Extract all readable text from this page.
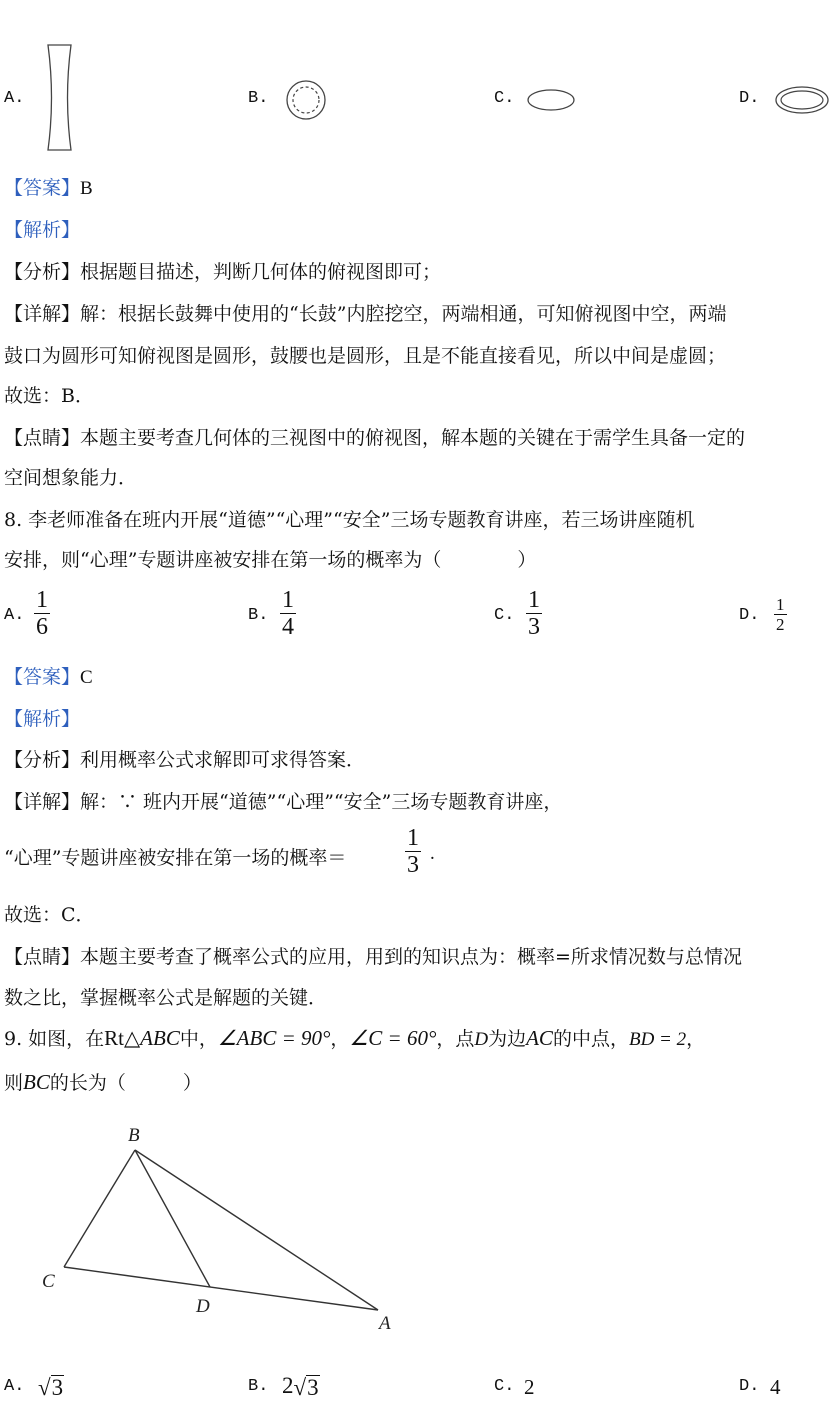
A.	B.	C.	D.
【答案】B
【解析】
【分析】根据题目描述，判断几何体的俯视图即可；
【详解】解：根据长鼓舞中使用的“长鼓”内腔挖空，两端相通，可知俯视图中空，两端
鼓口为圆形可知俯视图是圆形，鼓腰也是圆形，且是不能直接看见，所以中间是虚圆；
故选：B．
【点睛】本题主要考查几何体的三视图中的俯视图，解本题的关键在于需学生具备一定的
空间想象能力．
8. 李老师准备在班内开展“道德”“心理”“安全”三场专题教育讲座，若三场讲座随机
安排，则“心理”专题讲座被安排在第一场的概率为（　　　　）
A. $\frac{1}{6}$	B. $\frac{1}{4}$	C. $\frac{1}{3}$	D. $\frac{1}{2}$
【答案】C
【解析】
【分析】利用概率公式求解即可求得答案．
【详解】解：∵ 班内开展“道德”“心理”“安全”三场专题教育讲座，
“心理”专题讲座被安排在第一场的概率＝ $\frac{1}{3}$ .
故选：C．
【点睛】本题主要考查了概率公式的应用，用到的知识点为：概率=所求情况数与总情况
数之比，掌握概率公式是解题的关键．
9. 如图，在Rt△ABC中，∠ABC = 90°，∠C = 60°，点D为边AC的中点，BD = 2，
则BC的长为（　　　）
B
C
D
A
A. √ 3	B. 2 √ 3	C. 2	D. 4
